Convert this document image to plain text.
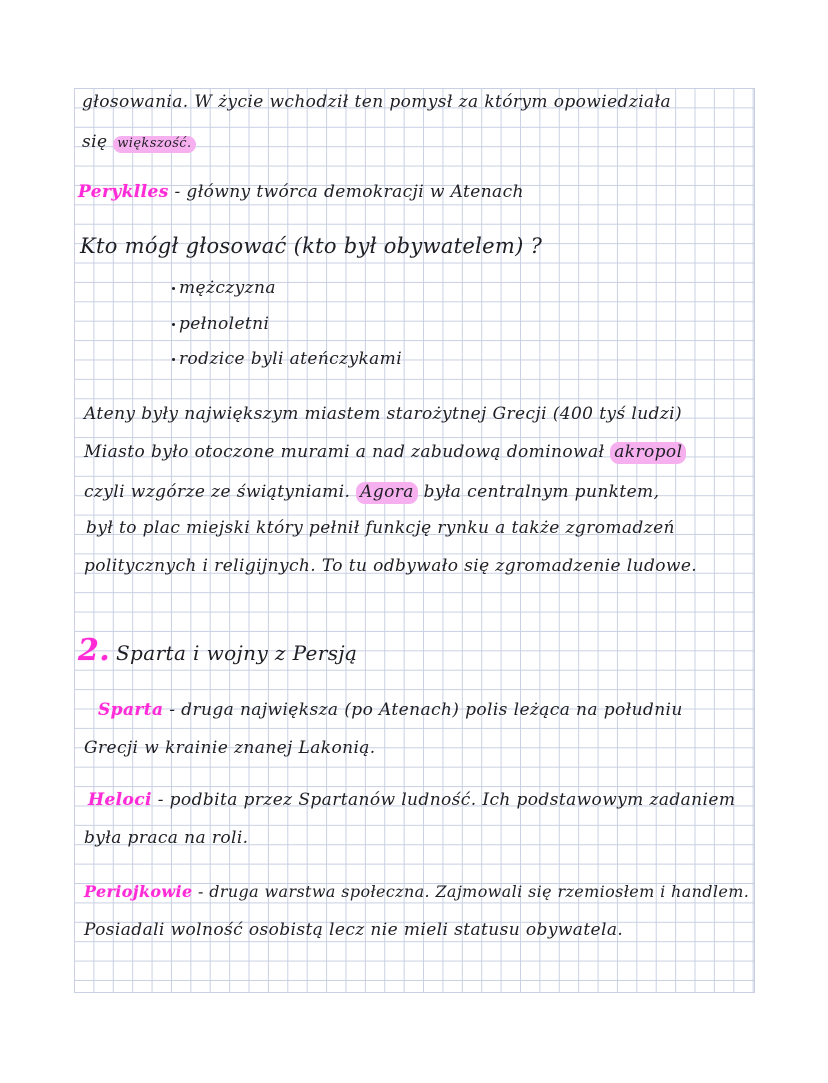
głosowania. W życie wchodził ten pomysł za którym opowiedziała
się większość.
Peryklles - główny twórca demokracji w Atenach
Kto mógł głosować (kto był obywatelem) ?
mężczyzna
pełnoletni
rodzice byli ateńczykami
Ateny były największym miastem starożytnej Grecji (400 tyś ludzi)
Miasto było otoczone murami a nad zabudową dominował akropol
czyli wzgórze ze świątyniami. Agora była centralnym punktem,
był to plac miejski który pełnił funkcję rynku a także zgromadzeń
politycznych i religijnych. To tu odbywało się zgromadzenie ludowe.
2. Sparta i wojny z Persją
Sparta - druga największa (po Atenach) polis leżąca na południu
Grecji w krainie znanej Lakonią.
Heloci - podbita przez Spartanów ludność. Ich podstawowym zadaniem
była praca na roli.
Periojkowie - druga warstwa społeczna. Zajmowali się rzemiosłem i handlem.
Posiadali wolność osobistą lecz nie mieli statusu obywatela.
